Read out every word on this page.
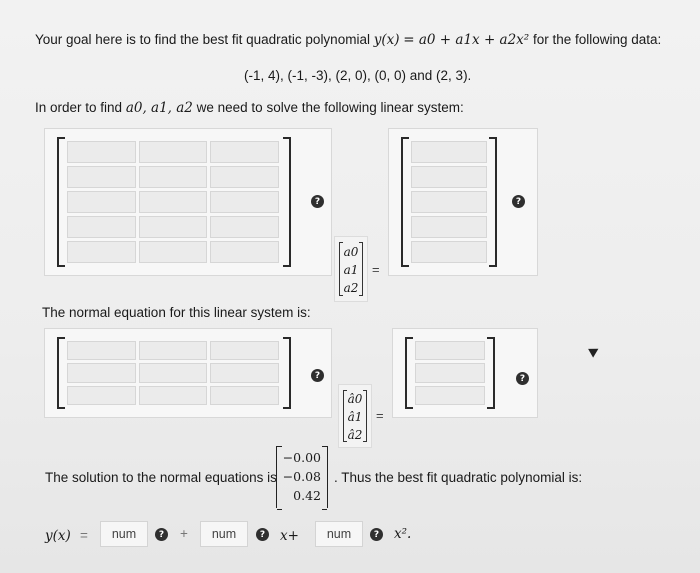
Your goal here is to find the best fit quadratic polynomial y(x) = a0 + a1x + a2x² for the following data:
(-1, 4), (-1, -3), (2, 0), (0, 0) and (2, 3).
In order to find a0, a1, a2 we need to solve the following linear system:
?
a0
a1
a2
=
?
The normal equation for this linear system is:
?
â0
â1
â2
=
?
The solution to the normal equations is
−0.00
−0.08
0.42
. Thus the best fit quadratic polynomial is:
y(x) =	num	? +	num	? x+	num	? x².
